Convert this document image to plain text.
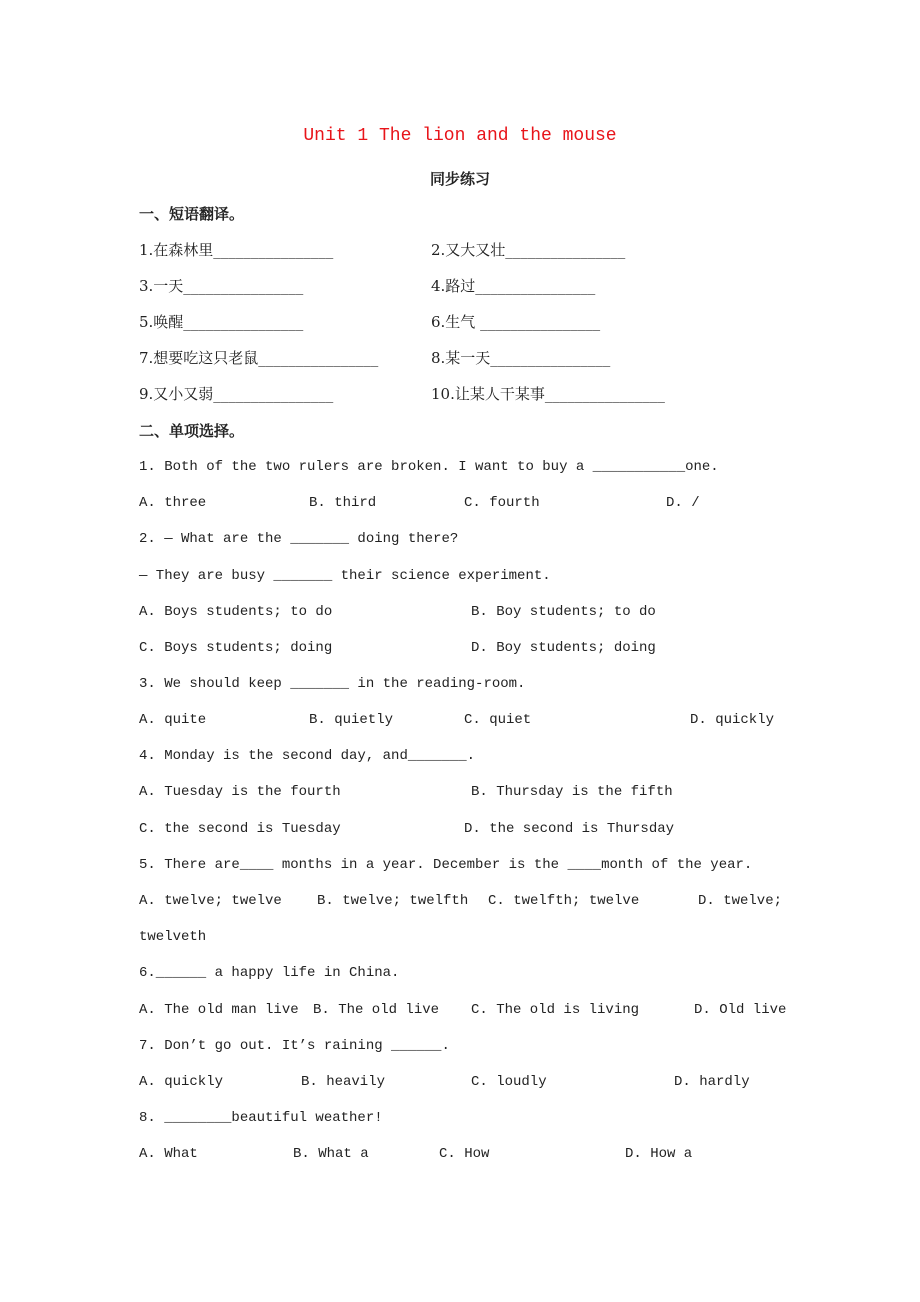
Unit 1 The lion and the mouse
同步练习
一、短语翻译。
1.在森林里________________	2.又大又壮________________
3.一天________________	4.路过________________
5.唤醒________________	6.生气 ________________
7.想要吃这只老鼠________________	8.某一天________________
9.又小又弱________________	10.让某人干某事________________
二、单项选择。
1. Both of the two rulers are broken. I want to buy a ___________one.
A. three	B. third	C. fourth	D. /
2. — What are the _______ doing there?
— They are busy _______ their science experiment.
A. Boys students; to do	B. Boy students; to do
C. Boys students; doing	D. Boy students; doing
3. We should keep _______ in the reading-room.
A. quite	B. quietly	C. quiet	D. quickly
4. Monday is the second day, and_______.
A. Tuesday is the fourth	B. Thursday is the fifth
C. the second is Tuesday	D. the second is Thursday
5. There are____ months in a year. December is the ____month of the year.
A. twelve; twelve	B. twelve; twelfth C. twelfth; twelve	D. twelve;
twelveth
6.______ a happy life in China.
A. The old man live B. The old live C. The old is living	D. Old live
7. Don’t go out. It’s raining ______.
A. quickly	B. heavily	C. loudly	D. hardly
8. ________beautiful weather!
A. What	B. What a	C. How	D. How a
